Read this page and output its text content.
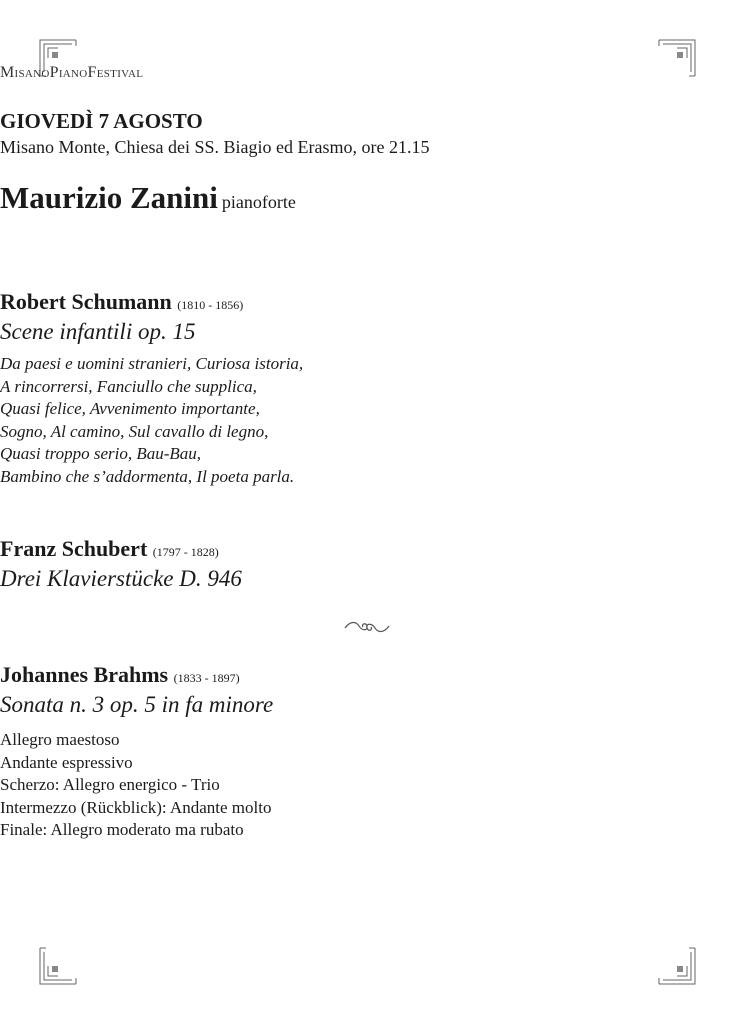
MisanoPianoFestival
GIOVEDÌ 7 AGOSTO
Misano Monte, Chiesa dei SS. Biagio ed Erasmo, ore 21.15
Maurizio Zanini pianoforte
Robert Schumann (1810 - 1856)
Scene infantili op. 15
Da paesi e uomini stranieri, Curiosa istoria,
A rincorrersi, Fanciullo che supplica,
Quasi felice, Avvenimento importante,
Sogno, Al camino, Sul cavallo di legno,
Quasi troppo serio, Bau-Bau,
Bambino che s’addormenta, Il poeta parla.
Franz Schubert (1797 - 1828)
Drei Klavierstücke D. 946
Johannes Brahms (1833 - 1897)
Sonata n. 3 op. 5 in fa minore
Allegro maestoso
Andante espressivo
Scherzo: Allegro energico - Trio
Intermezzo (Rückblick): Andante molto
Finale: Allegro moderato ma rubato
